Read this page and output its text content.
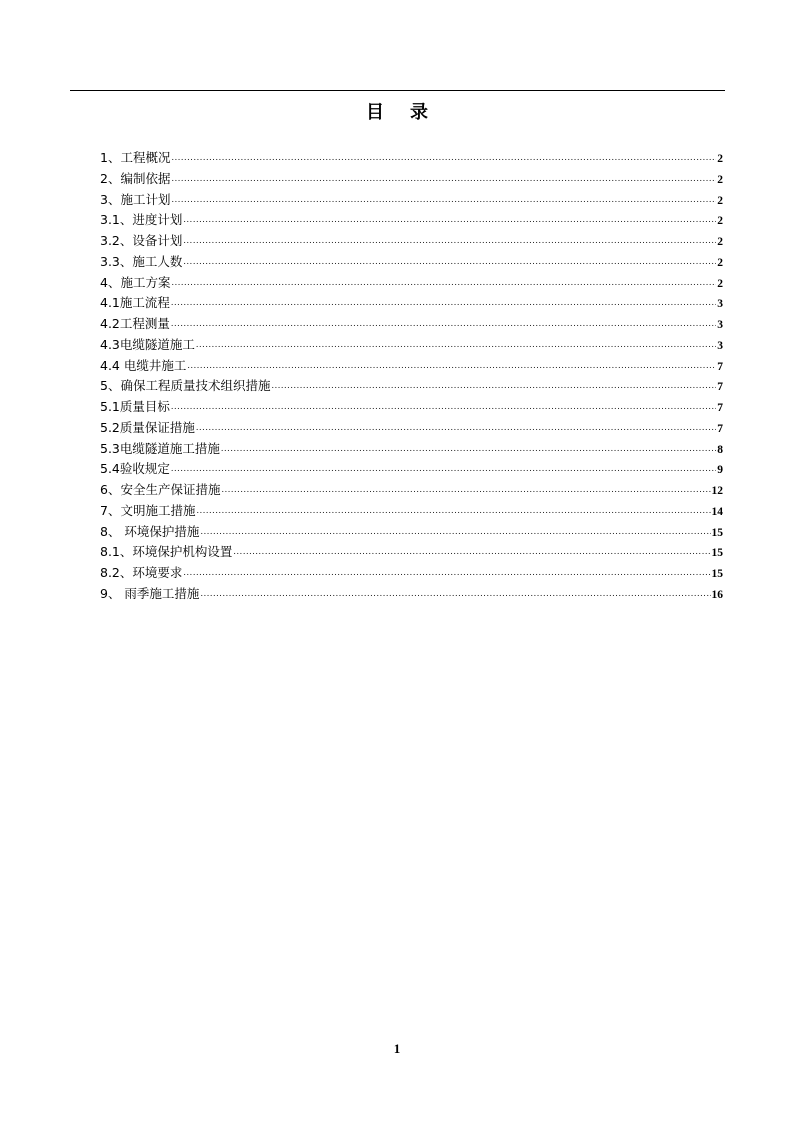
目 录
1、工程概况 .....	2
2、编制依据 .....	2
3、施工计划 .....	2
3.1、进度计划 .....	2
3.2、设备计划 .....	2
3.3、施工人数 .....	2
4、施工方案 .....	2
4.1施工流程 .....	3
4.2工程测量 .....	3
4.3电缆隧道施工 .....	3
4.4 电缆井施工 .....	7
5、确保工程质量技术组织措施 .....	7
5.1质量目标 .....	7
5.2质量保证措施 .....	7
5.3电缆隧道施工措施 .....	8
5.4验收规定 .....	9
6、安全生产保证措施 .....	12
7、文明施工措施 .....	14
8、 环境保护措施 .....	15
8.1、环境保护机构设置 .....	15
8.2、环境要求 .....	15
9、 雨季施工措施 .....	16
1
